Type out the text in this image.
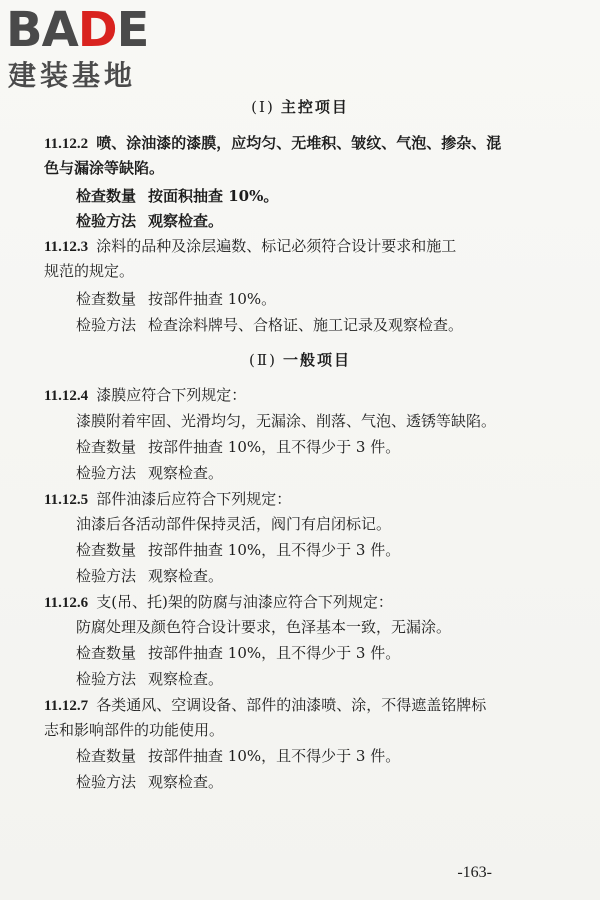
BADE
建装基地
(Ⅰ) 主控项目
11.12.2 喷、涂油漆的漆膜，应均匀、无堆积、皱纹、气泡、掺杂、混
色与漏涂等缺陷。
检查数量 按面积抽查 10%。
检验方法 观察检查。
11.12.3 涂料的品种及涂层遍数、标记必须符合设计要求和施工
规范的规定。
检查数量 按部件抽查 10%。
检验方法 检查涂料牌号、合格证、施工记录及观察检查。
(Ⅱ) 一般项目
11.12.4 漆膜应符合下列规定：
漆膜附着牢固、光滑均匀，无漏涂、削落、气泡、透锈等缺陷。
检查数量 按部件抽查 10%，且不得少于 3 件。
检验方法 观察检查。
11.12.5 部件油漆后应符合下列规定：
油漆后各活动部件保持灵活，阀门有启闭标记。
检查数量 按部件抽查 10%，且不得少于 3 件。
检验方法 观察检查。
11.12.6 支(吊、托)架的防腐与油漆应符合下列规定：
防腐处理及颜色符合设计要求，色泽基本一致，无漏涂。
检查数量 按部件抽查 10%，且不得少于 3 件。
检验方法 观察检查。
11.12.7 各类通风、空调设备、部件的油漆喷、涂，不得遮盖铭牌标
志和影响部件的功能使用。
检查数量 按部件抽查 10%，且不得少于 3 件。
检验方法 观察检查。
-163-
